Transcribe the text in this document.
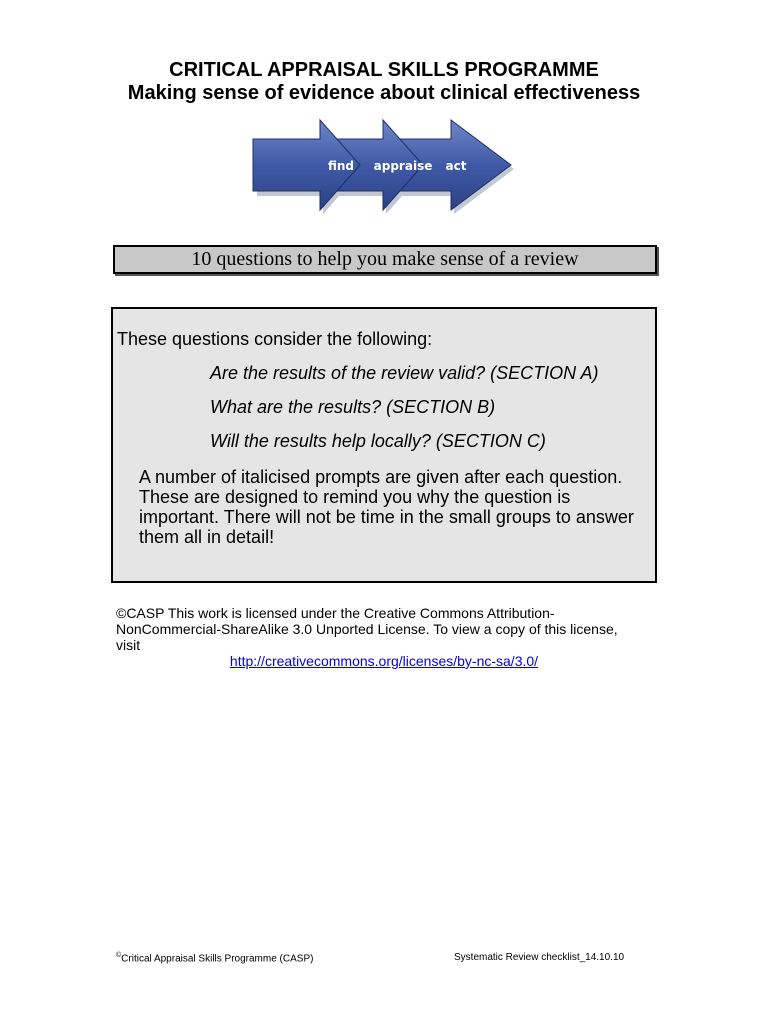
CRITICAL APPRAISAL SKILLS PROGRAMME
Making sense of evidence about clinical effectiveness
find appraise act
10 questions to help you make sense of a review
These questions consider the following:
Are the results of the review valid? (SECTION A)
What are the results? (SECTION B)
Will the results help locally? (SECTION C)
A number of italicised prompts are given after each question.
These are designed to remind you why the question is
important. There will not be time in the small groups to answer
them all in detail!
©CASP This work is licensed under the Creative Commons Attribution-
NonCommercial-ShareAlike 3.0 Unported License. To view a copy of this license,
visit
http://creativecommons.org/licenses/by-nc-sa/3.0/
©Critical Appraisal Skills Programme (CASP)	Systematic Review checklist_14.10.10
